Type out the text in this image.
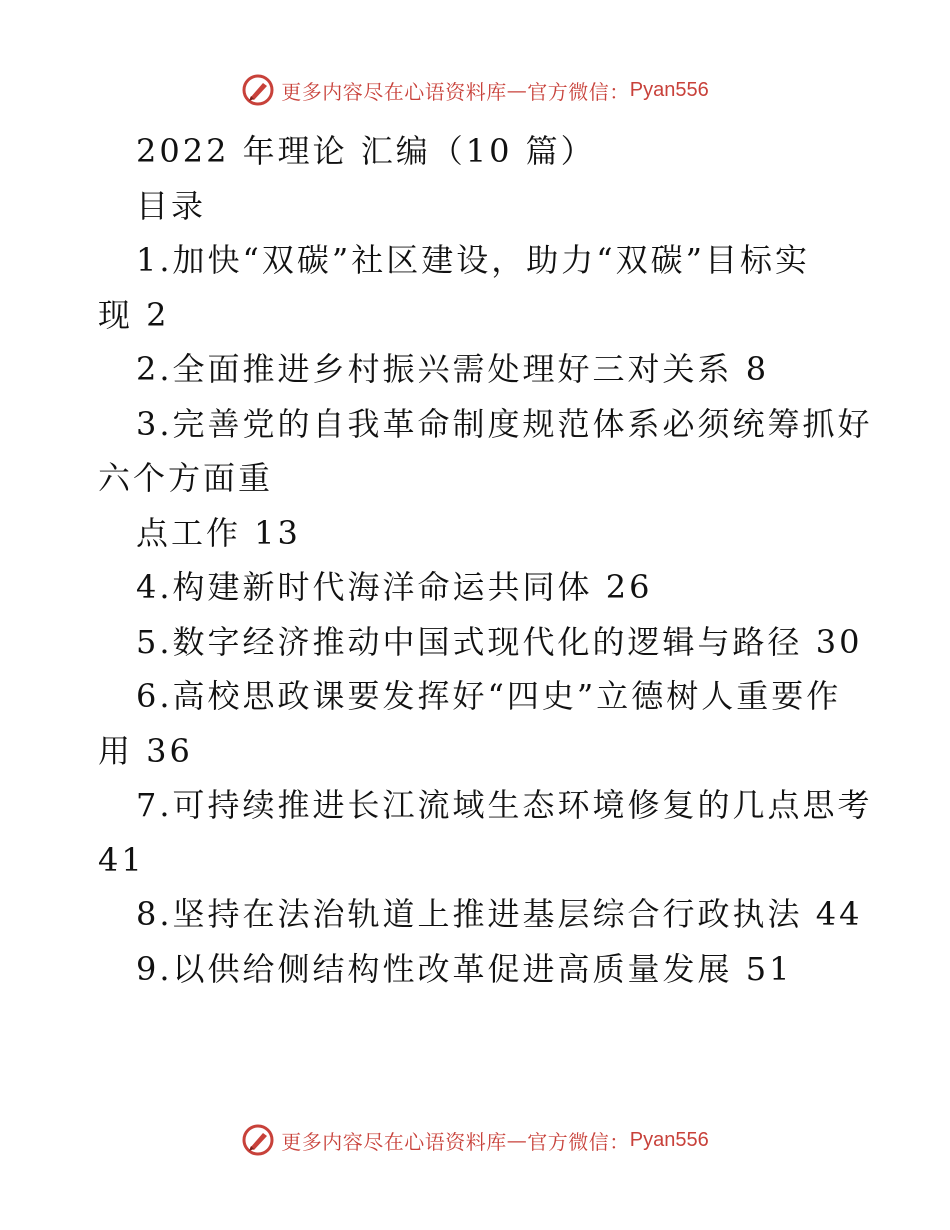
更多内容尽在心语资料库 — 官方微信： Pyan556
2022 年理论 汇编（10 篇）
目录
1.加快“双碳”社区建设，助力“双碳”目标实
现 2
2.全面推进乡村振兴需处理好三对关系 8
3.完善党的自我革命制度规范体系必须统筹抓好
六个方面重
点工作 13
4.构建新时代海洋命运共同体 26
5.数字经济推动中国式现代化的逻辑与路径 30
6.高校思政课要发挥好“四史”立德树人重要作
用 36
7.可持续推进长江流域生态环境修复的几点思考
41
8.坚持在法治轨道上推进基层综合行政执法 44
9.以供给侧结构性改革促进高质量发展 51
更多内容尽在心语资料库 — 官方微信： Pyan556
